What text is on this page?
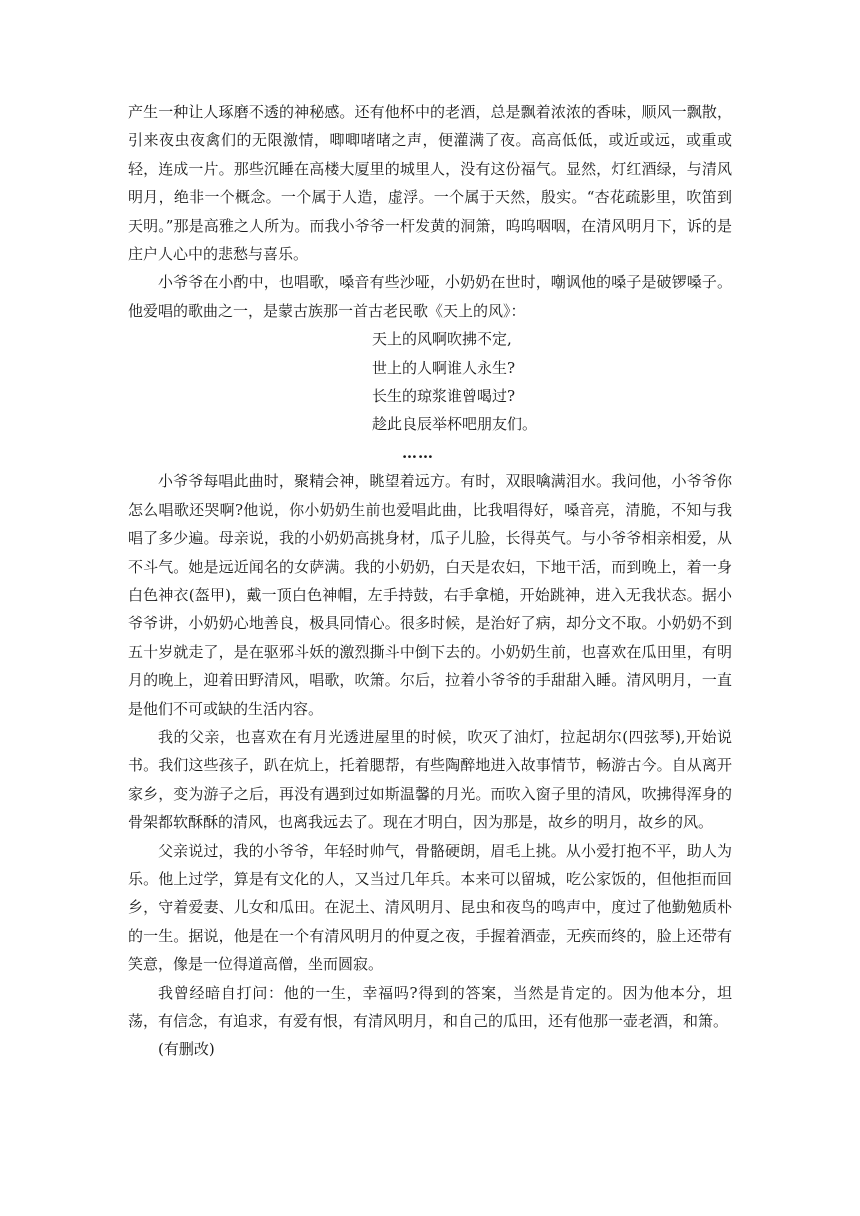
产生一种让人琢磨不透的神秘感。还有他杯中的老酒，总是飘着浓浓的香味，顺风一飘散，引来夜虫夜禽们的无限激情，唧唧啫啫之声，便灌满了夜。高高低低，或近或远，或重或轻，连成一片。那些沉睡在高楼大厦里的城里人，没有这份福气。显然，灯红酒绿，与清风明月，绝非一个概念。一个属于人造，虚浮。一个属于天然，殷实。“杏花疏影里，吹笛到天明。”那是高雅之人所为。而我小爷爷一杆发黄的洞箫，呜呜咽咽，在清风明月下，诉的是庄户人心中的悲愁与喜乐。

小爷爷在小酌中，也唱歌，嗓音有些沙哑，小奶奶在世时，嘲讽他的嗓子是破锣嗓子。他爱唱的歌曲之一，是蒙古族那一首古老民歌《天上的风》：

天上的风啊吹拂不定,
世上的人啊谁人永生?
长生的琼浆谁曾喝过?
趁此良辰举杯吧朋友们。
……

小爷爷每唱此曲时，聚精会神，眺望着远方。有时，双眼噙满泪水。我问他，小爷爷你怎么唱歌还哭啊?他说，你小奶奶生前也爱唱此曲，比我唱得好，嗓音亮，清脆，不知与我唱了多少遍。母亲说，我的小奶奶高挑身材，瓜子儿脸，长得英气。与小爷爷相亲相爱，从不斗气。她是远近闻名的女萨满。我的小奶奶，白天是农妇，下地干活，而到晚上，着一身白色神衣(盔甲)，戴一顶白色神帽，左手持鼓，右手拿槌，开始跳神，进入无我状态。据小爷爷讲，小奶奶心地善良，极具同情心。很多时候，是治好了病，却分文不取。小奶奶不到五十岁就走了，是在驱邪斗妖的激烈撕斗中倒下去的。小奶奶生前，也喜欢在瓜田里，有明月的晚上，迎着田野清风，唱歌，吹箫。尔后，拉着小爷爷的手甜甜入睡。清风明月，一直是他们不可或缺的生活内容。

我的父亲，也喜欢在有月光透进屋里的时候，吹灭了油灯，拉起胡尔(四弦琴),开始说书。我们这些孩子，趴在炕上，托着腮帮，有些陶醉地进入故事情节，畅游古今。自从离开家乡，变为游子之后，再没有遇到过如斯温馨的月光。而吹入窗子里的清风，吹拂得浑身的骨架都软酥酥的清风，也离我远去了。现在才明白，因为那是，故乡的明月，故乡的风。

父亲说过，我的小爷爷，年轻时帅气，骨骼硬朗，眉毛上挑。从小爱打抱不平，助人为乐。他上过学，算是有文化的人，又当过几年兵。本来可以留城，吃公家饭的，但他拒而回乡，守着爱妻、儿女和瓜田。在泥土、清风明月、昆虫和夜鸟的鸣声中，度过了他勤勉质朴的一生。据说，他是在一个有清风明月的仲夏之夜，手握着酒壶，无疾而终的，脸上还带有笑意，像是一位得道高僧，坐而圆寂。

我曾经暗自打问：他的一生，幸福吗?得到的答案，当然是肯定的。因为他本分，坦荡，有信念，有追求，有爱有恨，有清风明月，和自己的瓜田，还有他那一壶老酒，和箫。

(有删改)
